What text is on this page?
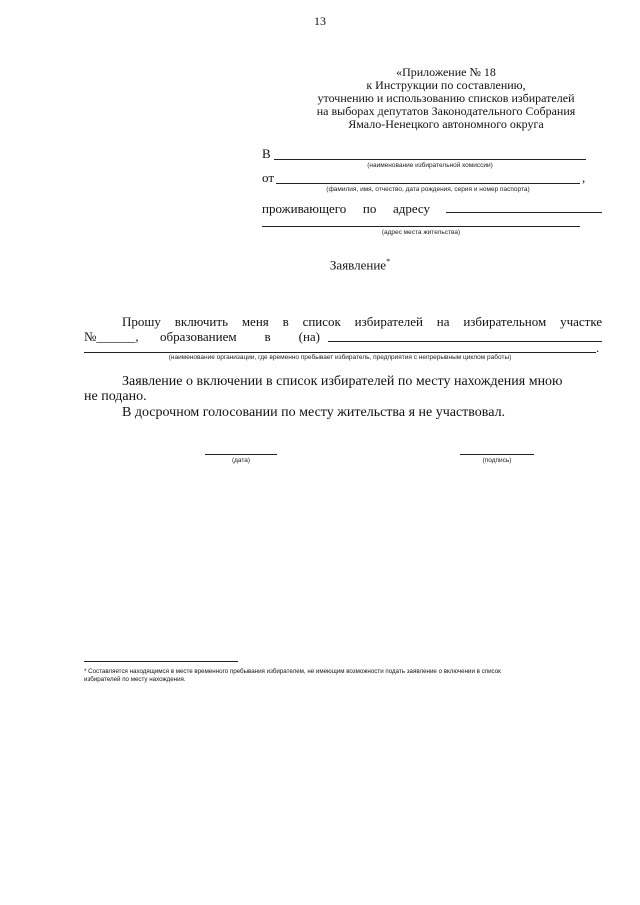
13
«Приложение № 18
к Инструкции по составлению,
уточнению и использованию списков избирателей
на выборах депутатов Законодательного Собрания
Ямало-Ненецкого автономного округа
В
(наименование избирательной комиссии)
от	,
(фамилия, имя, отчество, дата рождения, серия и номер паспорта)
проживающего по адресу
(адрес места жительства)
Заявление*
Прошу включить меня в список избирателей на избирательном участке
№______, образованием в (на)
.
(наименование организации, где временно пребывает избиратель, предприятия с непрерывным циклом работы)
Заявление о включении в список избирателей по месту нахождения мною
не подано.
В досрочном голосовании по месту жительства я не участвовал.
(дата)	(подпись)
* Составляется находящимся в месте временного пребывания избирателем, не имеющим возможности подать заявление о включении в список
избирателей по месту нахождения.
